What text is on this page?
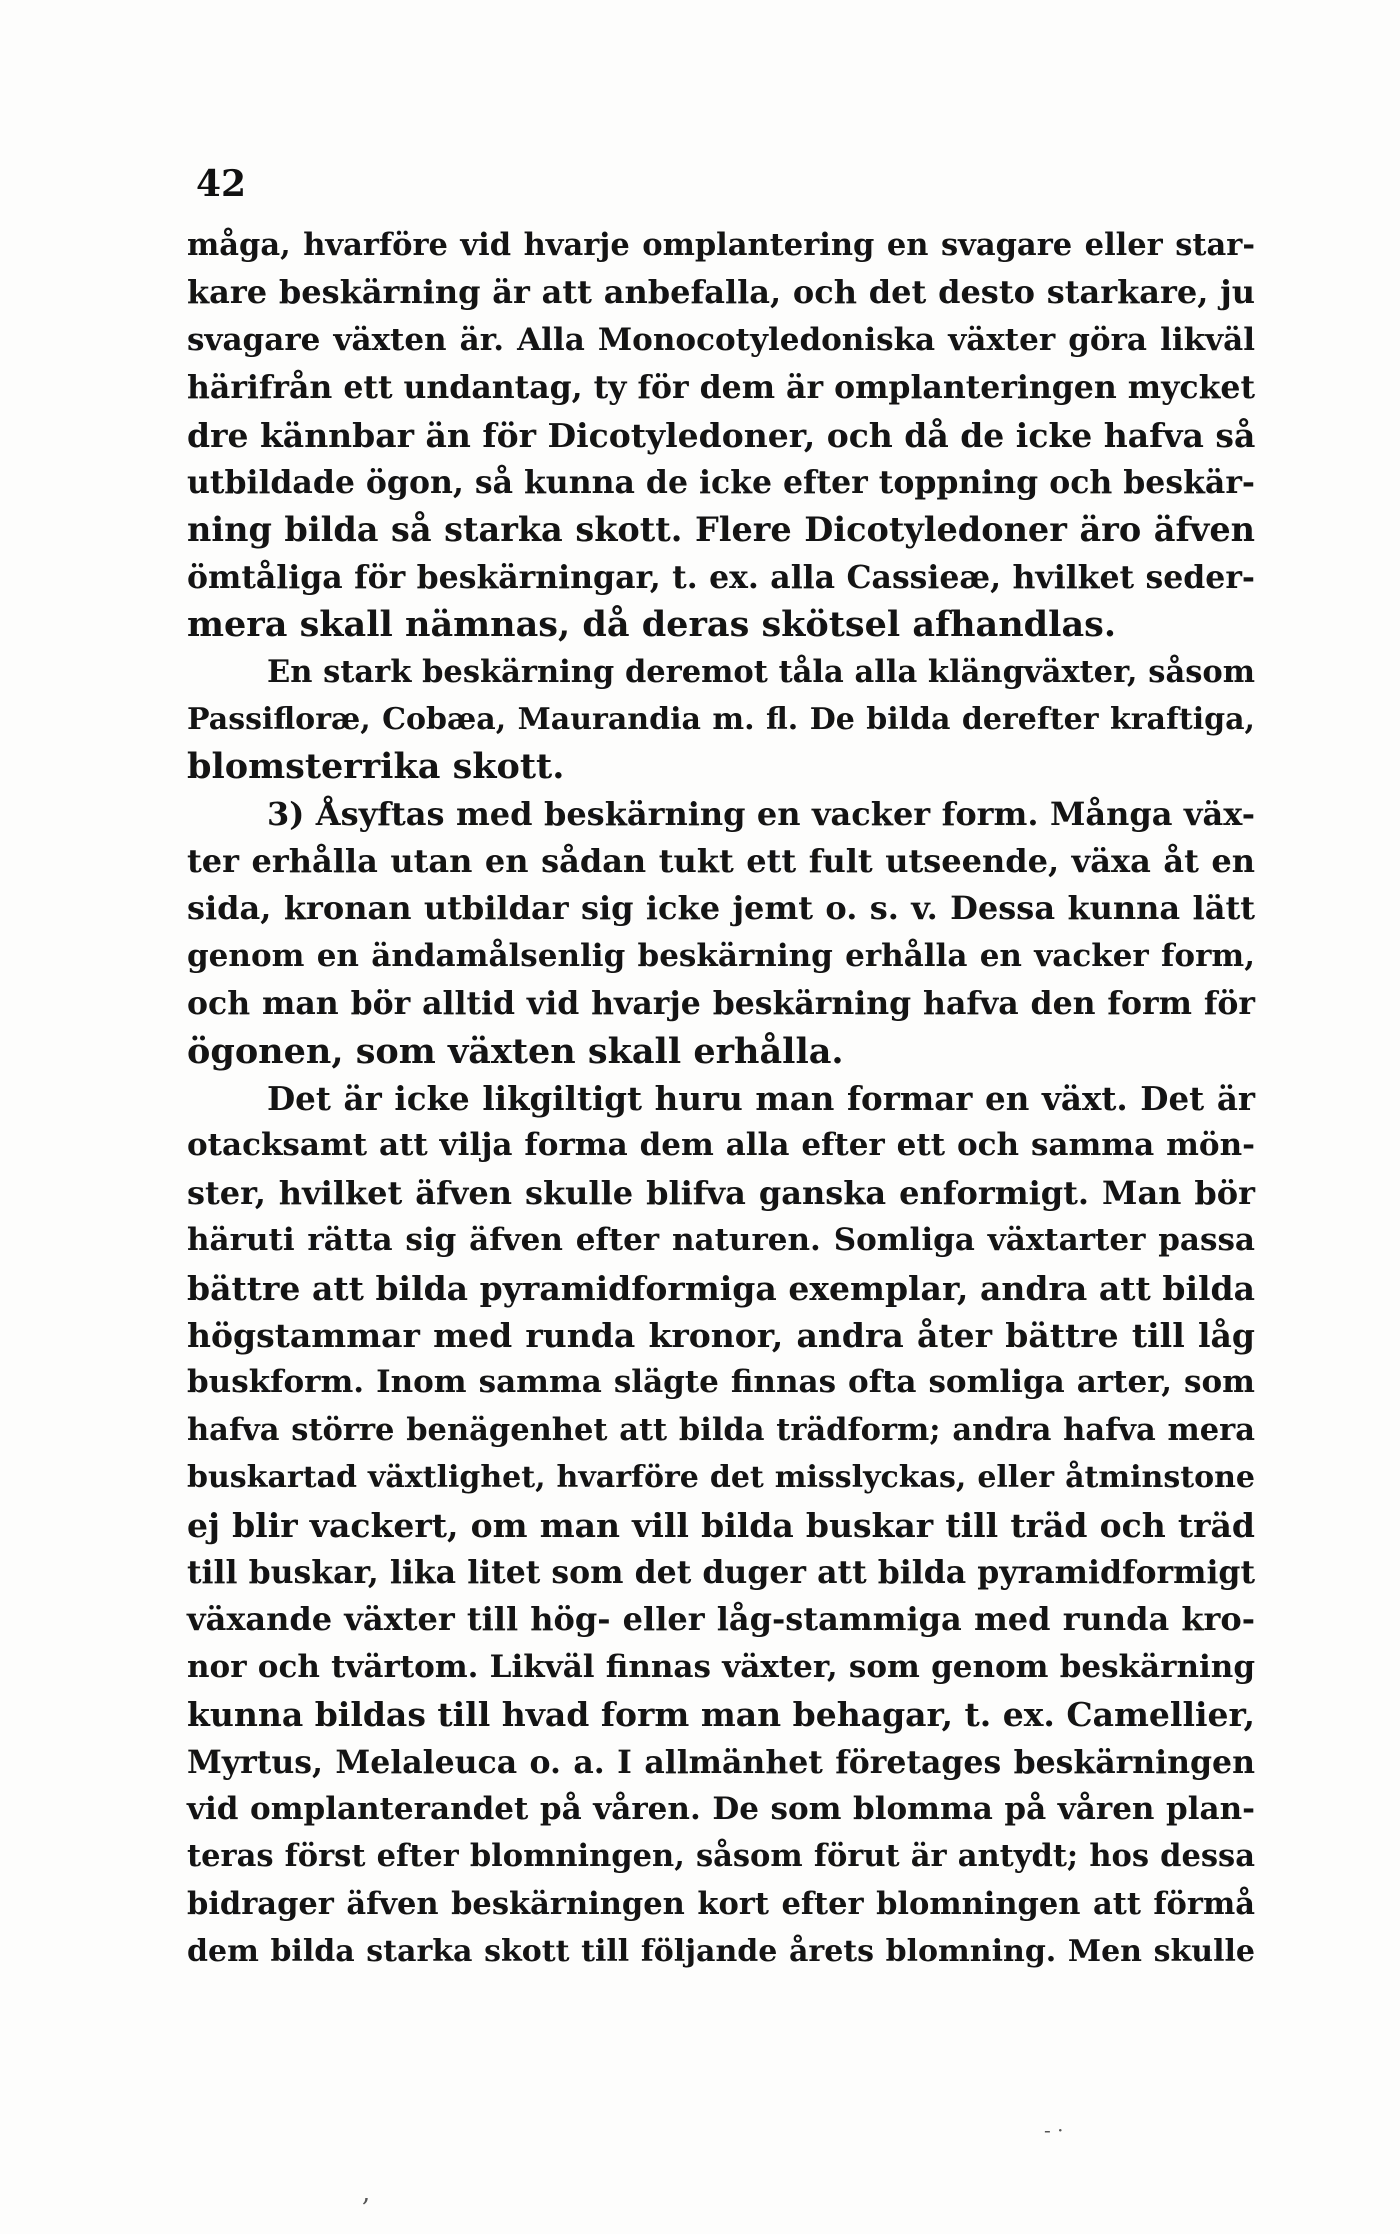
42
måga, hvarföre vid hvarje omplantering en svagare eller star-
kare beskärning är att anbefalla, och det desto starkare, ju
svagare växten är. Alla Monocotyledoniska växter göra likväl
härifrån ett undantag, ty för dem är omplanteringen mycket
dre kännbar än för Dicotyledoner, och då de icke hafva så
utbildade ögon, så kunna de icke efter toppning och beskär-
ning bilda så starka skott. Flere Dicotyledoner äro äfven
ömtåliga för beskärningar, t. ex. alla Cassieæ, hvilket seder-
mera skall nämnas, då deras skötsel afhandlas.
En stark beskärning deremot tåla alla klängväxter, såsom
Passifloræ, Cobæa, Maurandia m. fl. De bilda derefter kraftiga,
blomsterrika skott.
3) Åsyftas med beskärning en vacker form. Många väx-
ter erhålla utan en sådan tukt ett fult utseende, växa åt en
sida, kronan utbildar sig icke jemt o. s. v. Dessa kunna lätt
genom en ändamålsenlig beskärning erhålla en vacker form,
och man bör alltid vid hvarje beskärning hafva den form för
ögonen, som växten skall erhålla.
Det är icke likgiltigt huru man formar en växt. Det är
otacksamt att vilja forma dem alla efter ett och samma mön-
ster, hvilket äfven skulle blifva ganska enformigt. Man bör
häruti rätta sig äfven efter naturen. Somliga växtarter passa
bättre att bilda pyramidformiga exemplar, andra att bilda
högstammar med runda kronor, andra åter bättre till låg
buskform. Inom samma slägte finnas ofta somliga arter, som
hafva större benägenhet att bilda trädform; andra hafva mera
buskartad växtlighet, hvarföre det misslyckas, eller åtminstone
ej blir vackert, om man vill bilda buskar till träd och träd
till buskar, lika litet som det duger att bilda pyramidformigt
växande växter till hög- eller låg-stammiga med runda kro-
nor och tvärtom. Likväl finnas växter, som genom beskärning
kunna bildas till hvad form man behagar, t. ex. Camellier,
Myrtus, Melaleuca o. a. I allmänhet företages beskärningen
vid omplanterandet på våren. De som blomma på våren plan-
teras först efter blomningen, såsom förut är antydt; hos dessa
bidrager äfven beskärningen kort efter blomningen att förmå
dem bilda starka skott till följande årets blomning. Men skulle
- ·
,
